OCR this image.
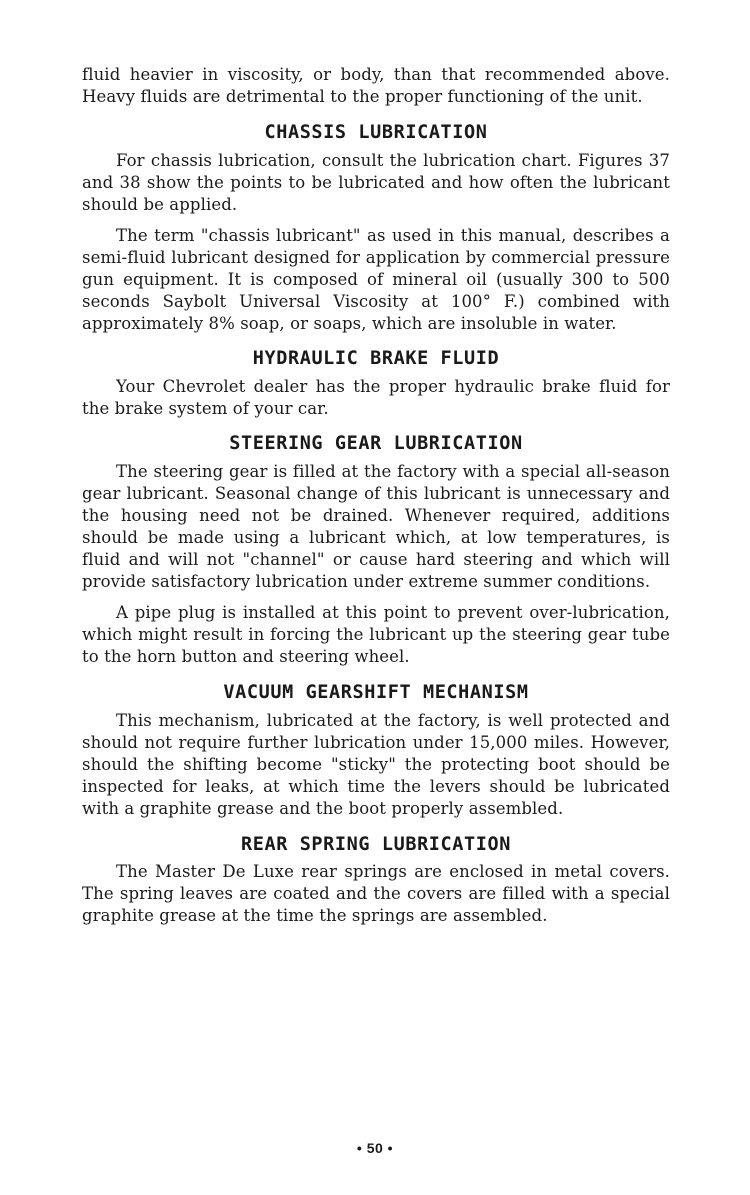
fluid heavier in viscosity, or body, than that recommended above. Heavy fluids are detrimental to the proper functioning of the unit.

CHASSIS LUBRICATION

For chassis lubrication, consult the lubrication chart. Figures 37 and 38 show the points to be lubricated and how often the lubricant should be applied.

The term "chassis lubricant" as used in this manual, describes a semi-fluid lubricant designed for application by commercial pressure gun equipment. It is composed of mineral oil (usually 300 to 500 seconds Saybolt Universal Viscosity at 100° F.) combined with approximately 8% soap, or soaps, which are insoluble in water.

HYDRAULIC BRAKE FLUID

Your Chevrolet dealer has the proper hydraulic brake fluid for the brake system of your car.

STEERING GEAR LUBRICATION

The steering gear is filled at the factory with a special all-season gear lubricant. Seasonal change of this lubricant is unnecessary and the housing need not be drained. Whenever required, additions should be made using a lubricant which, at low temperatures, is fluid and will not "channel" or cause hard steering and which will provide satisfactory lubrication under extreme summer conditions.

A pipe plug is installed at this point to prevent over-lubrication, which might result in forcing the lubricant up the steering gear tube to the horn button and steering wheel.

VACUUM GEARSHIFT MECHANISM

This mechanism, lubricated at the factory, is well protected and should not require further lubrication under 15,000 miles. However, should the shifting become "sticky" the protecting boot should be inspected for leaks, at which time the levers should be lubricated with a graphite grease and the boot properly assembled.

REAR SPRING LUBRICATION

The Master De Luxe rear springs are enclosed in metal covers. The spring leaves are coated and the covers are filled with a special graphite grease at the time the springs are assembled.

• 50 •
